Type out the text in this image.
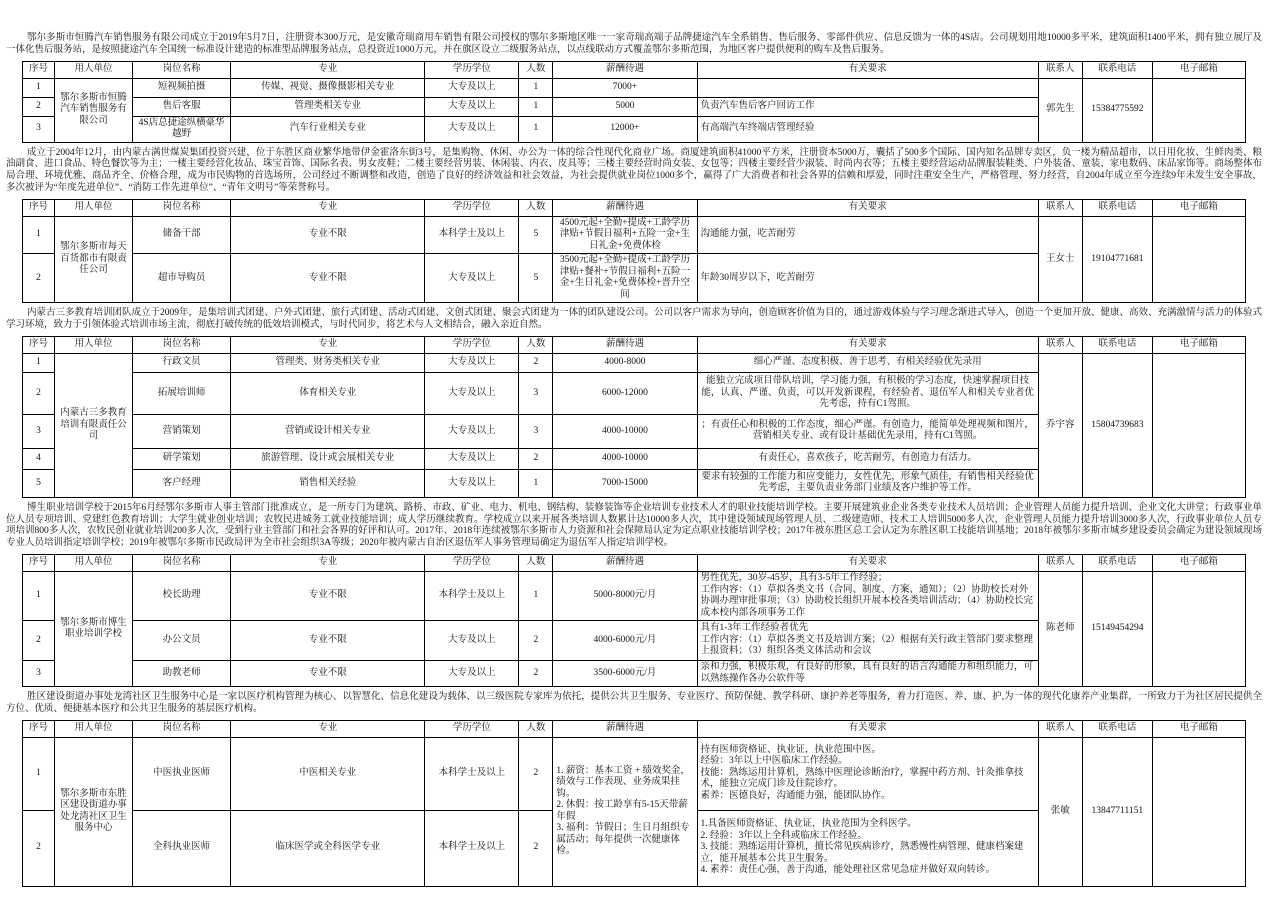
鄂尔多斯市恒腾汽车销售服务有限公司成立于2019年5月7日，注册资本300万元，是安徽奇瑞商用车销售有限公司授权的鄂尔多斯地区唯一一家奇瑞高端子品牌捷途汽车全系销售、售后服务、零部件供应、信息反馈为一体的4S店。公司规划用地10000多平米，建筑面积1400平米，拥有独立展厅及一体化售后服务站，是按照捷途汽车全国统一标准设计建造的标准型品牌服务站点，总投资近1000万元，并在旗区设立二级服务站点，以点线联动方式覆盖鄂尔多斯范围，为地区客户提供便利的购车及售后服务。

序号	用人单位	岗位名称	专业	学历学位	人数	薪酬待遇	有关要求	联系人	联系电话	电子邮箱
1	鄂尔多斯市恒腾汽车销售服务有限公司	短视频拍摄	传媒、视觉、摄像摄影相关专业	大专及以上	1	7000+		郭先生	15384775592	
2		售后客服	管理类相关专业	大专及以上	1	5000	负责汽车售后客户回访工作			
3		4S店总捷途纵横豪华越野	汽车行业相关专业	大专及以上	1	12000+	有高端汽车终端店管理经验			

成立于2004年12月，由内蒙古满世煤炭集团投资兴建，位于东胜区商业繁华地带伊金霍洛东街3号，是集购物、休闲、办公为一体的综合性现代化商业广场。商厦建筑面积41000平方米，注册资本5000万，囊括了500多个国际、国内知名品牌专卖区，负一楼为精品超市，以日用化妆、生鲜肉类、粮油副食、进口食品、特色餐饮等为主；一楼主要经营化妆品、珠宝首饰、国际名表、男女皮鞋；二楼主要经营男装、休闲装、内衣、皮具等；三楼主要经营时尚女装、女包等；四楼主要经营少淑装、时尚内衣等；五楼主要经营运动品牌服装鞋类、户外装备、童装、家电数码、床品家饰等。商场整体布局合理、环境优雅、商品齐全、价格合理，成为市民购物的首选场所，公司经过不断调整和改造，创造了良好的经济效益和社会效益，为社会提供就业岗位1000多个，赢得了广大消费者和社会各界的信赖和厚爱，同时注重安全生产，严格管理、努力经营，自2004年成立至今连续9年未发生安全事故，多次被评为“年度先进单位”、“消防工作先进单位”、“青年文明号”等荣誉称号。

序号	用人单位	岗位名称	专业	学历学位	人数	薪酬待遇	有关要求	联系人	联系电话	电子邮箱
1	鄂尔多斯市每天百货都市有限责任公司	储备干部	专业不限	本科学士及以上	5	4500元起+全勤+提成+工龄学历津贴+节假日福利+五险一金+生日礼金+免费体检	沟通能力强，吃苦耐劳	王女士	19104771681	
2		超市导购员	专业不限	大专及以上	5	3500元起+全勤+提成+工龄学历津贴+餐补+节假日福利+五险一金+生日礼金+免费体检+晋升空间	年龄30周岁以下，吃苦耐劳			

内蒙古三多教育培训团队成立于2009年，是集培训式团建、户外式团建、旅行式团建、活动式团建、文创式团建、聚会式团建为一体的团队建设公司。公司以客户需求为导向，创造顾客价值为目的，通过游戏体验与学习理念渐进式导入，创造一个更加开放、健康、高效、充满激情与活力的体验式学习环境，致力于引领体验式培训市场主流，彻底打破传统的低效培训模式，与时代同步，将艺术与人文相结合，融入亲近自然。

序号	用人单位	岗位名称	专业	学历学位	人数	薪酬待遇	有关要求	联系人	联系电话	电子邮箱
1	内蒙古三多教育培训有限责任公司	行政文员	管理类、财务类相关专业	大专及以上	2	4000-8000	细心严谨、态度积极、善于思考、有相关经验优先录用	乔宇容	15804739683	
2		拓展培训师	体育相关专业	大专及以上	3	6000-12000	能独立完成项目带队培训，学习能力强，有积极的学习态度，快速掌握项目技能，认真、严谨、负责，可以开发新课程，有经验者、退伍军人和相关专业者优先考虑，持有C1驾照。			
3		营销策划	营销或设计相关专业	大专及以上	3	4000-10000	；有责任心和积极的工作态度，细心严谨。有创造力，能简单处理视频和图片，营销相关专业、或有设计基础优先录用，持有C1驾照。			
4		研学策划	旅游管理、设计或会展相关专业	大专及以上	2	4000-10000	有责任心，喜欢孩子，吃苦耐劳，有创造力有活力。			
5		客户经理	销售相关经验	大专及以上	1	7000-15000	要求有较强的工作能力和应变能力，女性优先，形象气质佳，有销售相关经验优先考虑，主要负责业务部门业绩及客户维护等工作。			

博生职业培训学校于2015年6月经鄂尔多斯市人事主管部门批准成立，是一所专门为建筑、路桥、市政、矿业、电力、机电、钢结构、装修装饰等企业培训专业技术人才的职业技能培训学校。主要开展建筑业企业各类专业技术人员培训；企业管理人员能力提升培训、企业文化大讲堂；行政事业单位人员专项培训、党建红色教育培训；大学生就业创业培训；农牧民进城务工就业技能培训；成人学历继续教育。学校成立以来开展各类培训人数累计达10000多人次，其中建设领域现场管理人员、二级建造师、技术工人培训5000多人次，企业管理人员能力提升培训3000多人次，行政事业单位人员专项培训800多人次，农牧民创业就业培训200多人次，受到行业主管部门和社会各界的好评和认可。2017年、2018年连续被鄂尔多斯市人力资源和社会保障局认定为定点职业技能培训学校；2017年被东胜区总工会认定为东胜区职工技能培训基地；2018年被鄂尔多斯市城乡建设委员会确定为建设领域现场专业人员培训指定培训学校；2019年被鄂尔多斯市民政局评为全市社会组织3A等级；2020年被内蒙古自治区退伍军人事务管理局确定为退伍军人指定培训学校。

序号	用人单位	岗位名称	专业	学历学位	人数	薪酬待遇	有关要求	联系人	联系电话	电子邮箱
1	鄂尔多斯市博生职业培训学校	校长助理	专业不限	本科学士及以上	1	5000-8000元/月	男性优先，30岁-45岁，具有3-5年工作经验；
工作内容：（1）草拟各类文书（合同、制度、方案、通知）；（2）协助校长对外协调办理审批事项；（3）协助校长组织开展本校各类培训活动；（4）协助校长完成本校内部各项事务工作	陈老师	15149454294	
2		办公文员	专业不限	大专及以上	2	4000-6000元/月	具有1-3年工作经验者优先
工作内容：（1）草拟各类文书及培训方案；（2）根据有关行政主管部门要求整理上报资料；（3）组织各类文体活动和会议			
3		助教老师	专业不限	大专及以上	2	3500-6000元/月	亲和力强，积极乐观，有良好的形象，具有良好的语言沟通能力和组织能力，可以熟练操作各办公软件等			

胜区建设街道办事处龙湾社区卫生服务中心是一家以医疗机构管理为核心、以智慧化、信息化建设为载体、以三级医院专家库为依托，提供公共卫生服务、专业医疗、预防保健、教学科研、康护养老等服务，着力打造医、养、康、护,为一体的现代化康养产业集群，一所致力于为社区居民提供全方位、优质、便捷基本医疗和公共卫生服务的基层医疗机构。

序号	用人单位	岗位名称	专业	学历学位	人数	薪酬待遇	有关要求	联系人	联系电话	电子邮箱
1	鄂尔多斯市东胜区建设街道办事处龙湾社区卫生服务中心	中医执业医师	中医相关专业	本科学士及以上	2	1. 薪资：基本工资 + 绩效奖金，绩效与工作表现、业务成果挂钩。
2. 休假：按工龄享有5-15天带薪年假
3. 福利：节假日；生日月组织专属活动；每年提供一次健康体检。	持有医师资格证、执业证，执业范围中医。
经验：3年以上中医临床工作经验。
技能：熟练运用计算机，熟练中医理论诊断治疗，掌握中药方剂、针灸推拿技术，能独立完成门诊及住院诊疗。
素养：医德良好，沟通能力强，能团队协作。	张敏	13847711151	
2		全科执业医师	临床医学或全科医学专业	本科学士及以上	2		1.具备医师资格证、执业证，执业范围为全科医学。
2. 经验：3年以上全科或临床工作经验。
3. 技能：熟练运用计算机，擅长常见疾病诊疗，熟悉慢性病管理、健康档案建立，能开展基本公共卫生服务。
4. 素养：责任心强，善于沟通，能处理社区常见急症并做好双向转诊。			
